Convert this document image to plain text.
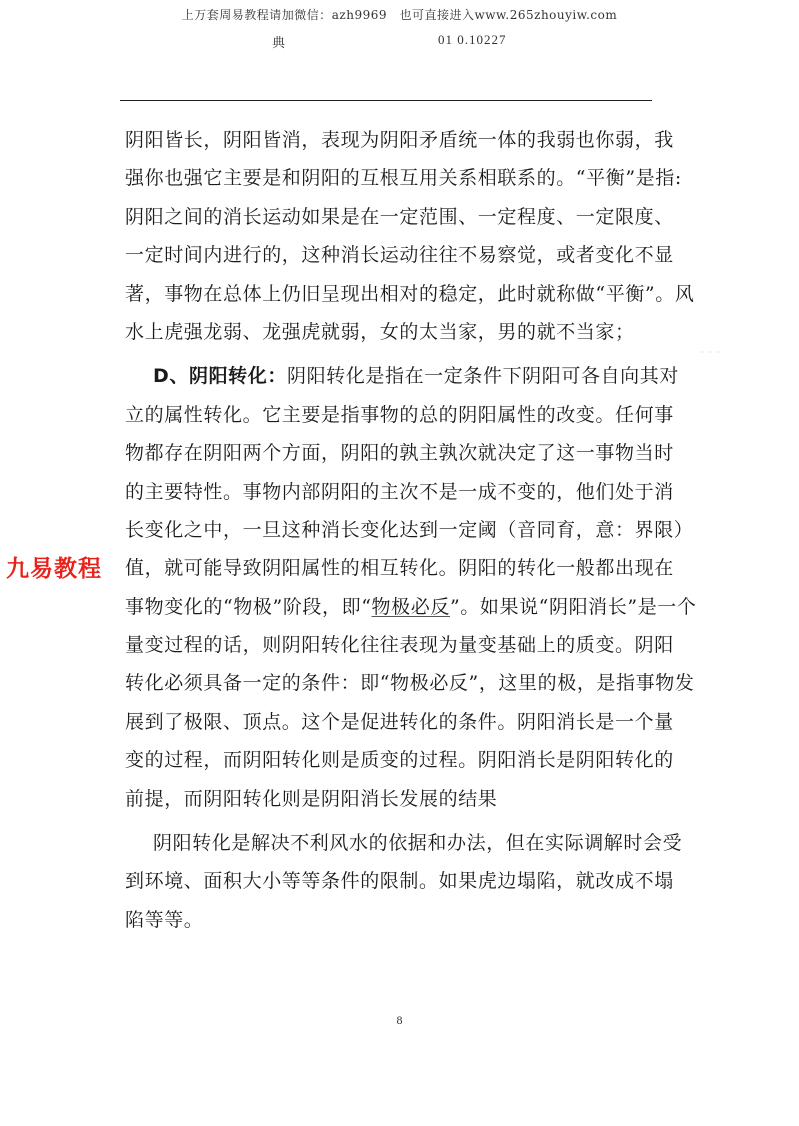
上万套周易教程请加微信：azh9969　也可直接进入www.265zhouyiw.com
典	01 0.10227
·· ·· ··
阴阳皆长，阴阳皆消，表现为阴阳矛盾统一体的我弱也你弱，我
强你也强它主要是和阴阳的互根互用关系相联系的。“平衡”是指:
阴阳之间的消长运动如果是在一定范围、一定程度、一定限度、
一定时间内进行的，这种消长运动往往不易察觉，或者变化不显
著，事物在总体上仍旧呈现出相对的稳定，此时就称做“平衡”。风
水上虎强龙弱、龙强虎就弱，女的太当家，男的就不当家；
D、阴阳转化：阴阳转化是指在一定条件下阴阳可各自向其对
立的属性转化。它主要是指事物的总的阴阳属性的改变。任何事
物都存在阴阳两个方面，阴阳的孰主孰次就决定了这一事物当时
的主要特性。事物内部阴阳的主次不是一成不变的，他们处于消
长变化之中，一旦这种消长变化达到一定阈（音同育，意：界限）
值，就可能导致阴阳属性的相互转化。阴阳的转化一般都出现在
事物变化的“物极”阶段，即“物极必反”。如果说“阴阳消长”是一个
量变过程的话，则阴阳转化往往表现为量变基础上的质变。阴阳
转化必须具备一定的条件：即“物极必反”，这里的极，是指事物发
展到了极限、顶点。这个是促进转化的条件。阴阳消长是一个量
变的过程，而阴阳转化则是质变的过程。阴阳消长是阴阳转化的
前提，而阴阳转化则是阴阳消长发展的结果
阴阳转化是解决不利风水的依据和办法，但在实际调解时会受
到环境、面积大小等等条件的限制。如果虎边塌陷，就改成不塌
陷等等。
九易教程
8
